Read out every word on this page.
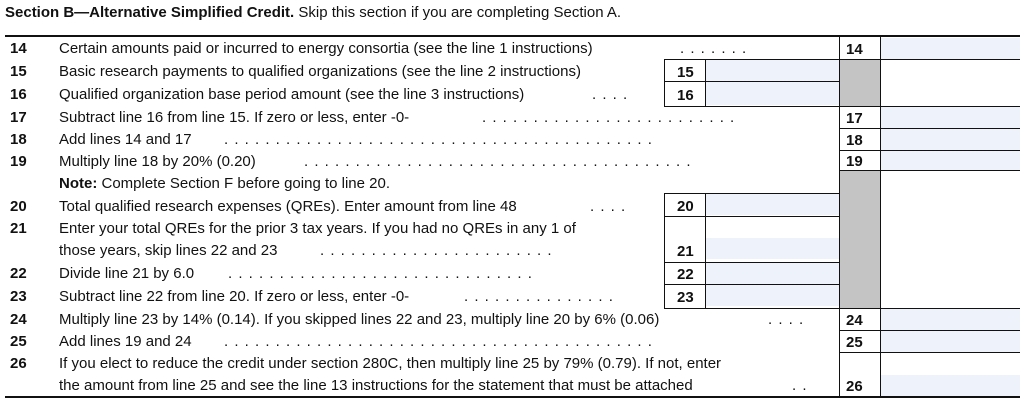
Section B—Alternative Simplified Credit. Skip this section if you are completing Section A.
14	Certain amounts paid or incurred to energy consortia (see the line 1 instructions)	. . . . . . .	14
15	Basic research payments to qualified organizations (see the line 2 instructions)	15
16	Qualified organization base period amount (see the line 3 instructions)	. . . .	16
17	Subtract line 16 from line 15. If zero or less, enter -0-	. . . . . . . . . . . . . . . . . . . . . . . . .	17
18	Add lines 14 and 17 . . . . . . . . . . . . . . . . . . . . . . . . . . . . . . . . . . . . . . . . . .	18
19	Multiply line 18 by 20% (0.20)	. . . . . . . . . . . . . . . . . . . . . . . . . . . . . . . . . . . . . .	19
Note: Complete Section F before going to line 20.
20	Total qualified research expenses (QREs). Enter amount from line 48	. . . .	20
21	Enter your total QREs for the prior 3 tax years. If you had no QREs in any 1 of
those years, skip lines 22 and 23	. . . . . . . . . . . . . . . . . . . . . . .	21
22	Divide line 21 by 6.0 . . . . . . . . . . . . . . . . . . . . . . . . . . . . . .	22
23	Subtract line 22 from line 20. If zero or less, enter -0-	. . . . . . . . . . . . . . .	23
24	Multiply line 23 by 14% (0.14). If you skipped lines 22 and 23, multiply line 20 by 6% (0.06)	. . . .	24
25	Add lines 19 and 24 . . . . . . . . . . . . . . . . . . . . . . . . . . . . . . . . . . . . . . . . . .	25
26	If you elect to reduce the credit under section 280C, then multiply line 25 by 79% (0.79). If not, enter
the amount from line 25 and see the line 13 instructions for the statement that must be attached	. .	26
